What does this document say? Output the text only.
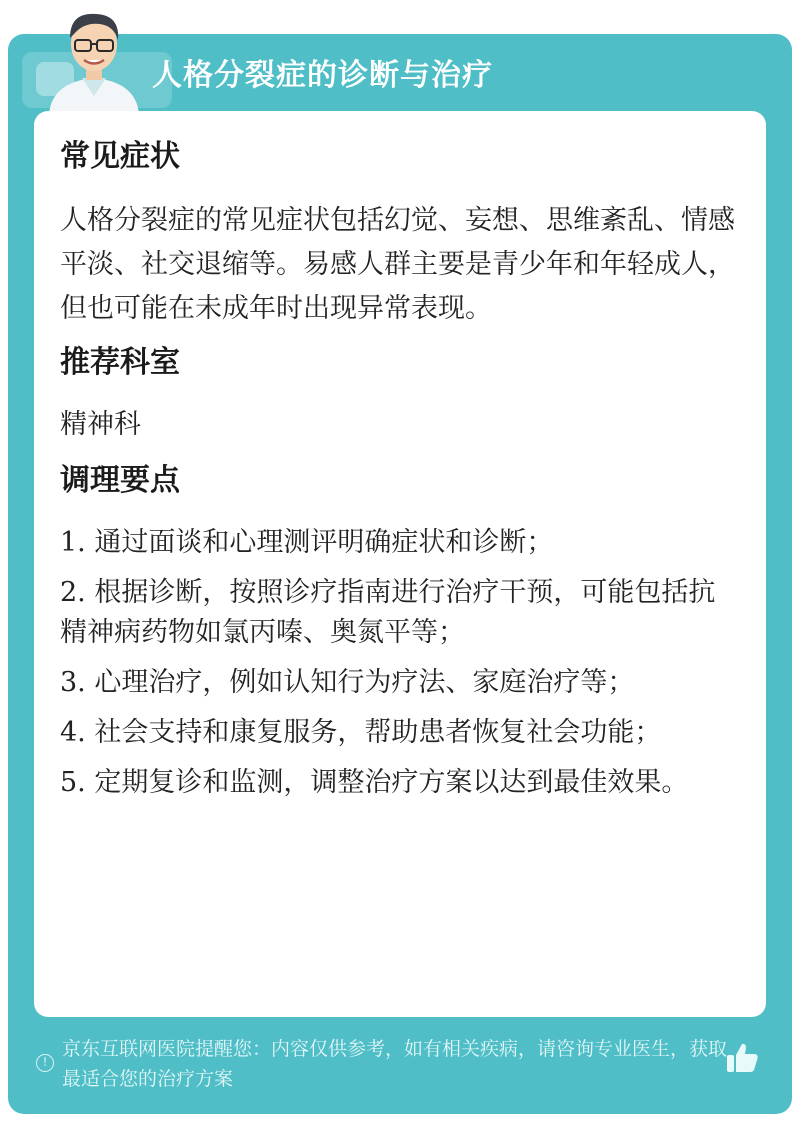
人格分裂症的诊断与治疗
常见症状
人格分裂症的常见症状包括幻觉、妄想、思维紊乱、情感平淡、社交退缩等。易感人群主要是青少年和年轻成人，但也可能在未成年时出现异常表现。
推荐科室
精神科
调理要点
1. 通过面谈和心理测评明确症状和诊断；
2. 根据诊断，按照诊疗指南进行治疗干预，可能包括抗精神病药物如氯丙嗪、奥氮平等；
3. 心理治疗，例如认知行为疗法、家庭治疗等；
4. 社会支持和康复服务，帮助患者恢复社会功能；
5. 定期复诊和监测，调整治疗方案以达到最佳效果。
!
京东互联网医院提醒您：内容仅供参考，如有相关疾病，请咨询专业医生，获取最适合您的治疗方案
